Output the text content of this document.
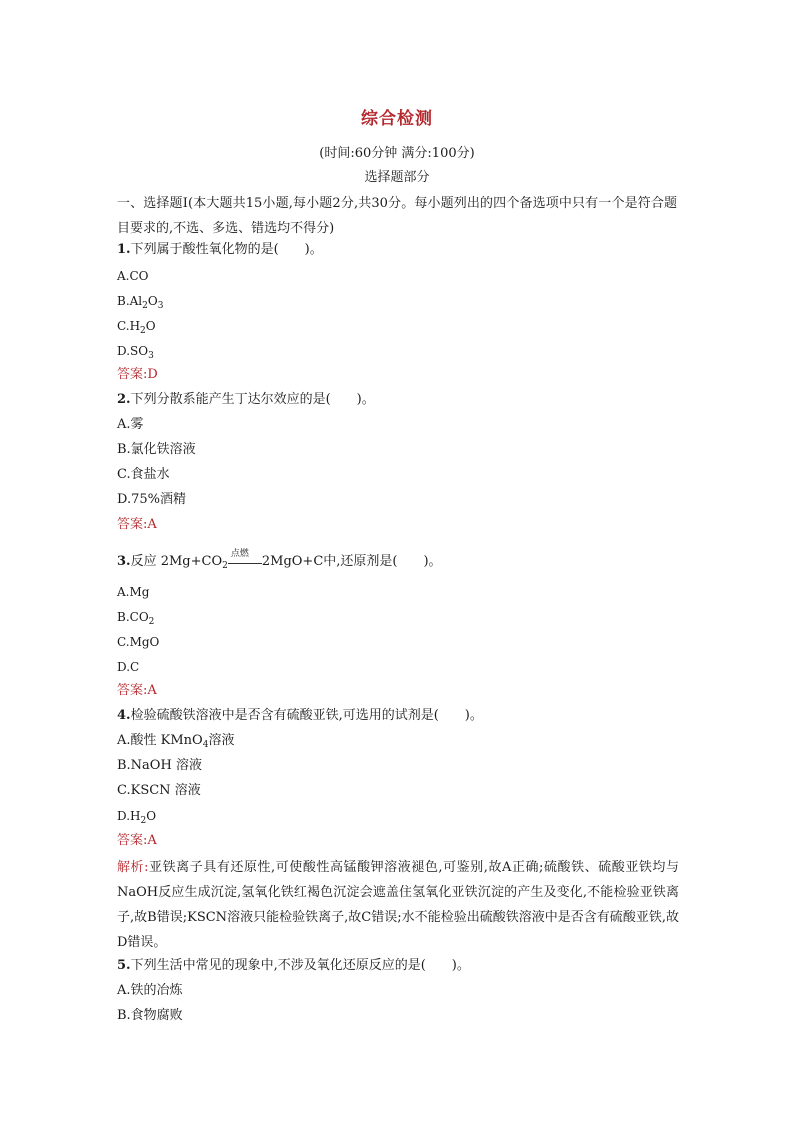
综合检测
(时间:60分钟 满分:100分)
选择题部分
一、选择题Ⅰ(本大题共15小题,每小题2分,共30分。每小题列出的四个备选项中只有一个是符合题目要求的,不选、多选、错选均不得分)
1.下列属于酸性氧化物的是(　　)。
A.CO
$B.Al_2O_3$
$C.H_2O$
$D.SO_3$
答案:D
2.下列分散系能产生丁达尔效应的是(　　)。
A.雾
B.氯化铁溶液
C.食盐水
D.75%酒精
答案:A
3.反应 $2Mg+CO_2$
点燃
2MgO+C中,还原剂是(　　)。
A.Mg
$B.CO_2$
C.MgO
D.C
答案:A
4.检验硫酸铁溶液中是否含有硫酸亚铁,可选用的试剂是(　　)。
A.酸性 KMnO$_4$溶液
B.NaOH 溶液
C.KSCN 溶液
$D.H_2O$
答案:A
解析:亚铁离子具有还原性,可使酸性高锰酸钾溶液褪色,可鉴别,故A正确;硫酸铁、硫酸亚铁均与NaOH反应生成沉淀,氢氧化铁红褐色沉淀会遮盖住氢氧化亚铁沉淀的产生及变化,不能检验亚铁离子,故B错误;KSCN溶液只能检验铁离子,故C错误;水不能检验出硫酸铁溶液中是否含有硫酸亚铁,故D错误。
5.下列生活中常见的现象中,不涉及氧化还原反应的是(　　)。
A.铁的冶炼
B.食物腐败
